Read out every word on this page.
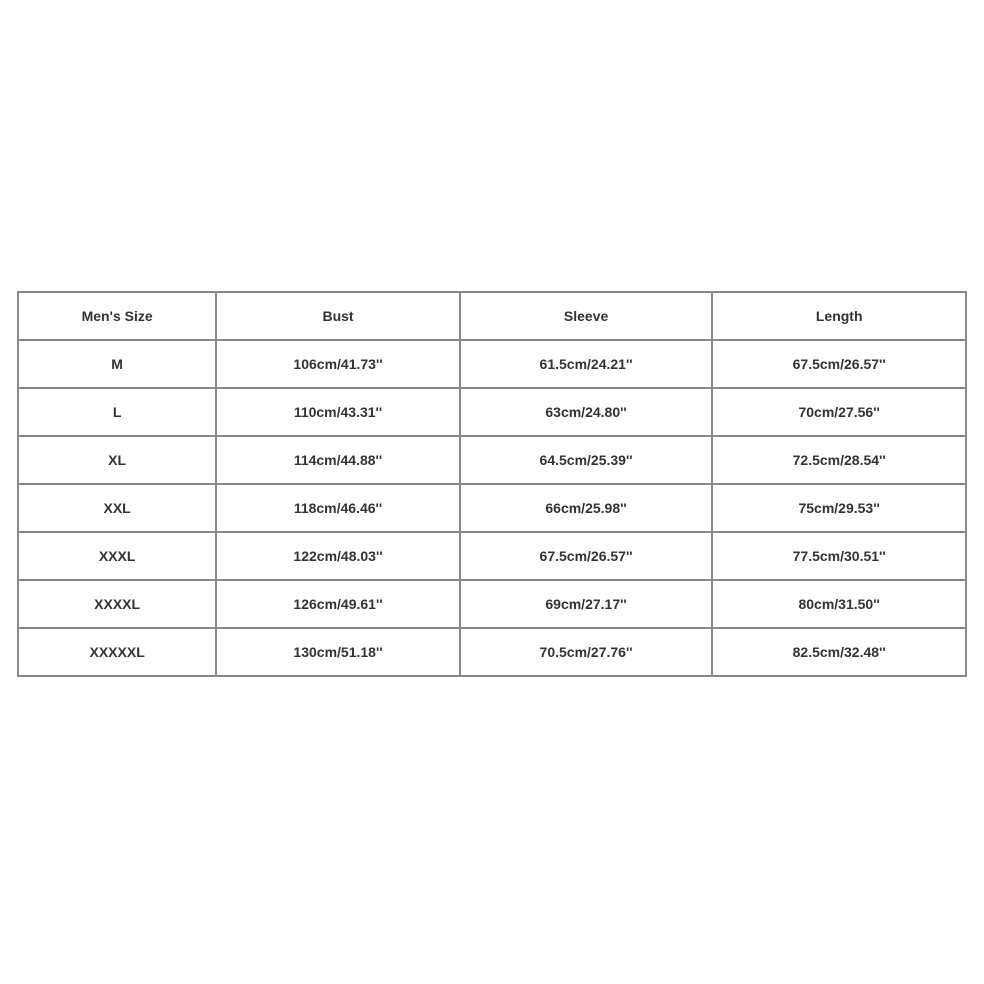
Men's Size	Bust	Sleeve	Length
M	106cm/41.73''	61.5cm/24.21''	67.5cm/26.57''
L	110cm/43.31''	63cm/24.80''	70cm/27.56''
XL	114cm/44.88''	64.5cm/25.39''	72.5cm/28.54''
XXL	118cm/46.46''	66cm/25.98''	75cm/29.53''
XXXL	122cm/48.03''	67.5cm/26.57''	77.5cm/30.51''
XXXXL	126cm/49.61''	69cm/27.17''	80cm/31.50''
XXXXXL	130cm/51.18''	70.5cm/27.76''	82.5cm/32.48''
